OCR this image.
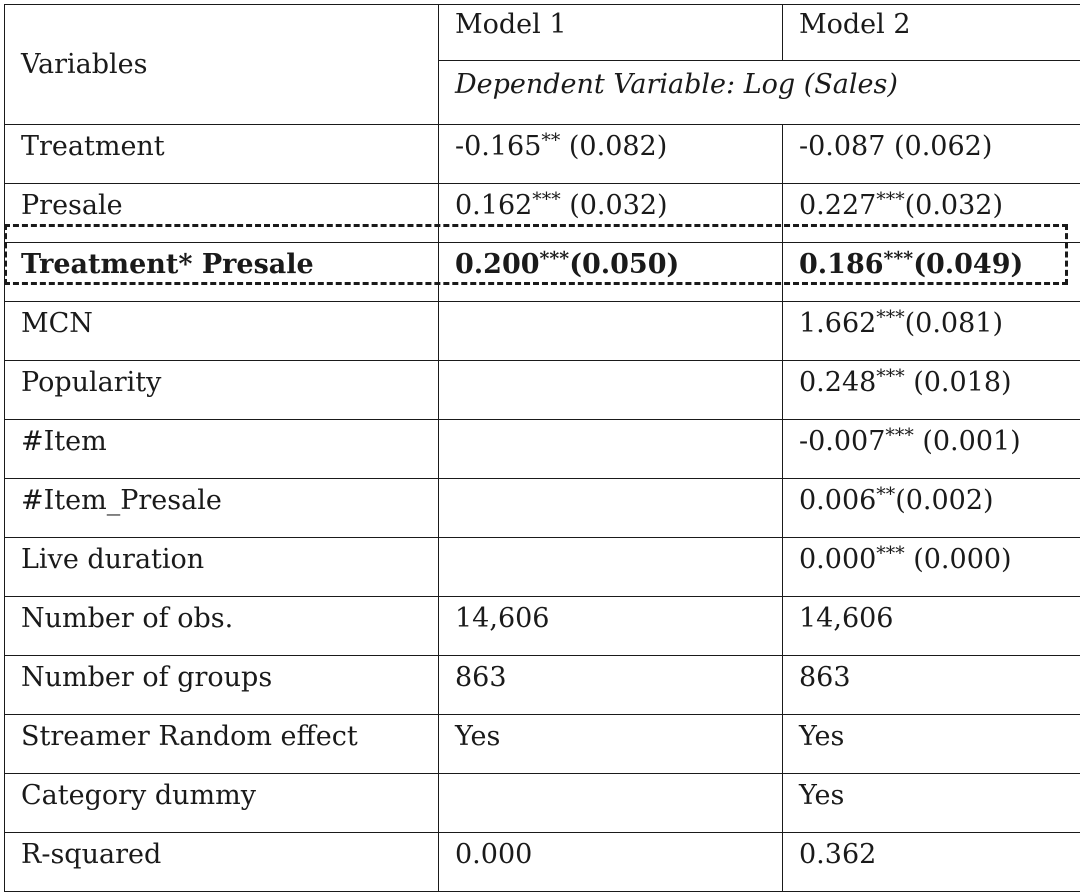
Variables	Model 1	Model 2
	Dependent Variable: Log (Sales)	
Treatment	-0.165** (0.082)	-0.087 (0.062)
Presale	0.162*** (0.032)	0.227***(0.032)
Treatment* Presale	0.200***(0.050)	0.186***(0.049)
MCN		1.662***(0.081)
Popularity		0.248*** (0.018)
#Item		-0.007*** (0.001)
#Item_Presale		0.006**(0.002)
Live duration		0.000*** (0.000)
Number of obs.	14,606	14,606
Number of groups	863	863
Streamer Random effect	Yes	Yes
Category dummy		Yes
R-squared	0.000	0.362
